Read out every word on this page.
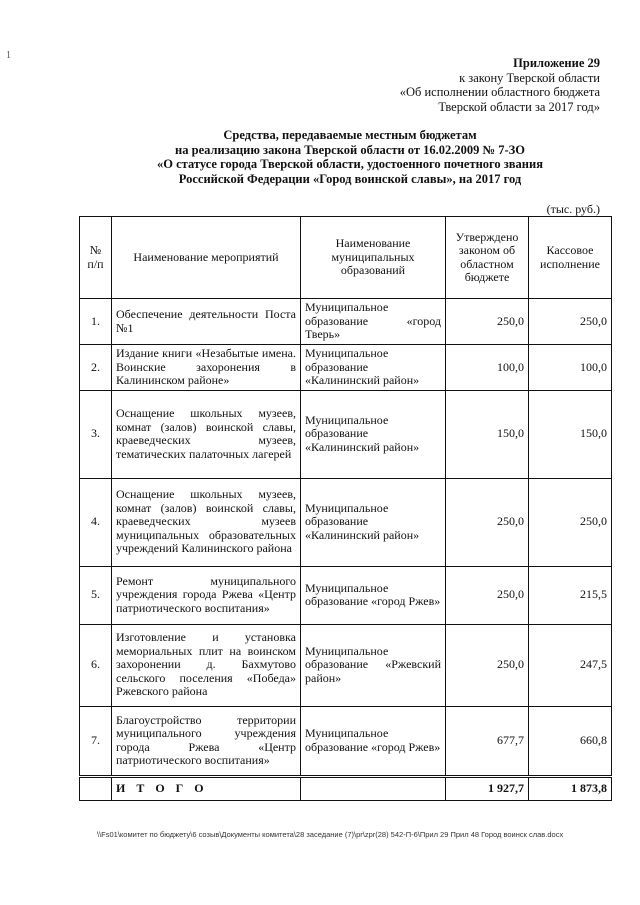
1
Приложение 29
к закону Тверской области
«Об исполнении областного бюджета
Тверской области за 2017 год»
Средства, передаваемые местным бюджетам
на реализацию закона Тверской области от 16.02.2009 № 7-ЗО
«О статусе города Тверской области, удостоенного почетного звания
Российской Федерации «Город воинской славы», на 2017 год
(тыс. руб.)
№ п/п	Наименование мероприятий	Наименование муниципальных образований	Утверждено законом об областном бюджете	Кассовое исполнение
1.	Обеспечение деятельности Поста №1	Муниципальное образование «город Тверь»	250,0	250,0
2.	Издание книги «Незабытые имена. Воинские захоронения в Калининском районе»	Муниципальное образование «Калининский район»	100,0	100,0
3.	Оснащение школьных музеев, комнат (залов) воинской славы, краеведческих музеев, тематических палаточных лагерей	Муниципальное образование «Калининский район»	150,0	150,0
4.	Оснащение школьных музеев, комнат (залов) воинской славы, краеведческих музеев муниципальных образовательных учреждений Калининского района	Муниципальное образование «Калининский район»	250,0	250,0
5.	Ремонт муниципального учреждения города Ржева «Центр патриотического воспитания»	Муниципальное образование «город Ржев»	250,0	215,5
6.	Изготовление и установка мемориальных плит на воинском захоронении д. Бахмутово сельского поселения «Победа» Ржевского района	Муниципальное образование «Ржевский район»	250,0	247,5
7.	Благоустройство территории муниципального учреждения города Ржева «Центр патриотического воспитания»	Муниципальное образование «город Ржев»	677,7	660,8
	И Т О Г О		1 927,7	1 873,8
\\Fs01\комитет по бюджету\6 созыв\Документы комитета\28 заседание (7)\pr\zpr(28) 542-П-6\Прил 29 Прил 48 Город воинск слав.docx
